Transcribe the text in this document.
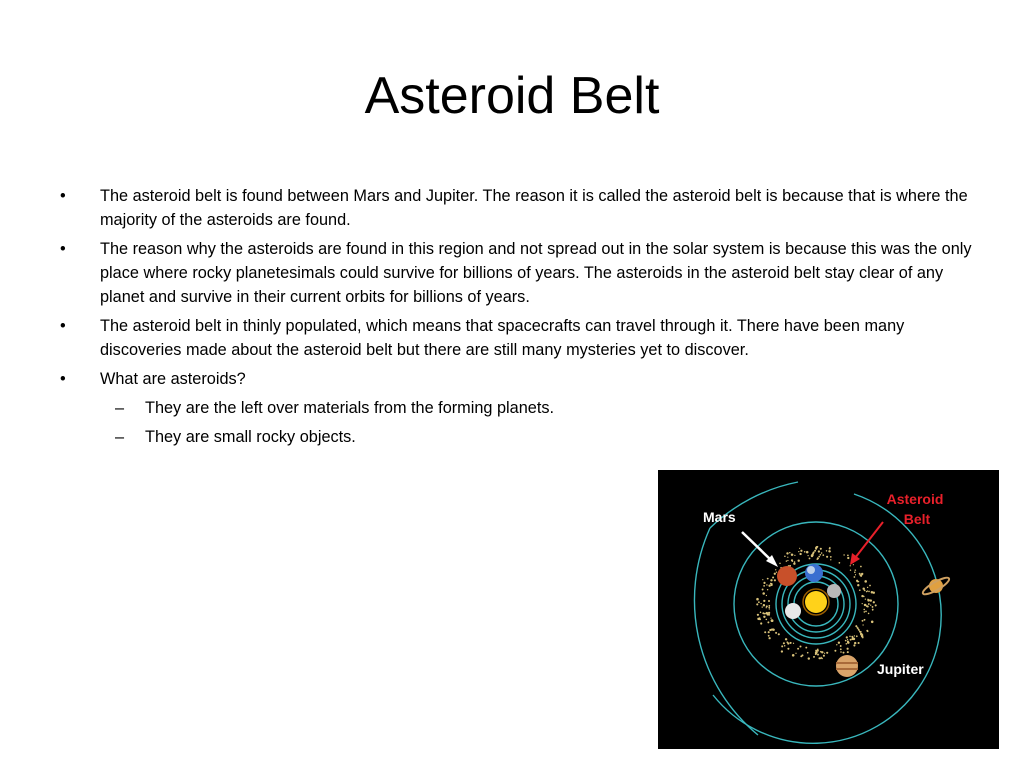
Asteroid Belt
• The asteroid belt is found between Mars and Jupiter. The reason it is called the asteroid belt is because that is where the majority of the asteroids are found.
• The reason why the asteroids are found in this region and not spread out in the solar system is because this was the only place where rocky planetesimals could survive for billions of years. The asteroids in the asteroid belt stay clear of any planet and survive in their current orbits for billions of years.
• The asteroid belt in thinly populated, which means that spacecrafts can travel through it. There have been many discoveries made about the asteroid belt but there are still many mysteries yet to discover.
• What are asteroids?
– They are the left over materials from the forming planets.
– They are small rocky objects.
Mars
Asteroid
Belt
Jupiter
